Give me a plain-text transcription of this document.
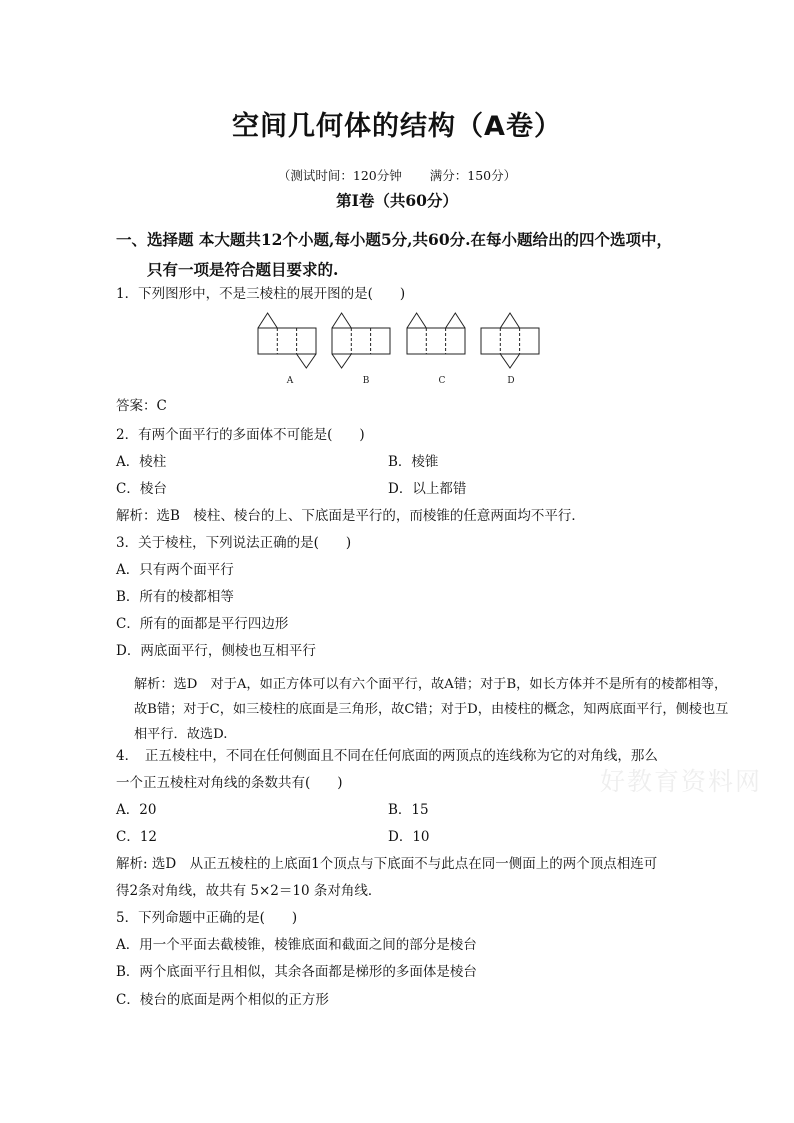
空间几何体的结构（A卷）
（测试时间：120分钟 满分：150分）
第I卷（共60分）
一、选择题 本大题共12个小题,每小题5分,共60分.在每小题给出的四个选项中，
只有一项是符合题目要求的.
1．下列图形中，不是三棱柱的展开图的是(　　)
A	B	C	D
答案：C
2．有两个面平行的多面体不可能是(　　)
A．棱柱	B．棱锥
C．棱台	D．以上都错
解析：选B　棱柱、棱台的上、下底面是平行的，而棱锥的任意两面均不平行．
3．关于棱柱，下列说法正确的是(　　)
A．只有两个面平行
B．所有的棱都相等
C．所有的面都是平行四边形
D．两底面平行，侧棱也互相平行
解析：选D　对于A，如正方体可以有六个面平行，故A错；对于B，如长方体并不是所有的棱都相等，
故B错；对于C，如三棱柱的底面是三角形，故C错；对于D，由棱柱的概念，知两底面平行，侧棱也互
相平行．故选D.
4．　正五棱柱中，不同在任何侧面且不同在任何底面的两顶点的连线称为它的对角线，那么
一个正五棱柱对角线的条数共有(　　)	好教育资料网
A．20	B．15
C．12	D．10
解析: 选D　从正五棱柱的上底面1个顶点与下底面不与此点在同一侧面上的两个顶点相连可
得2条对角线，故共有 5×2＝10 条对角线．
5．下列命题中正确的是(　　)
A．用一个平面去截棱锥，棱锥底面和截面之间的部分是棱台
B．两个底面平行且相似，其余各面都是梯形的多面体是棱台
C．棱台的底面是两个相似的正方形
